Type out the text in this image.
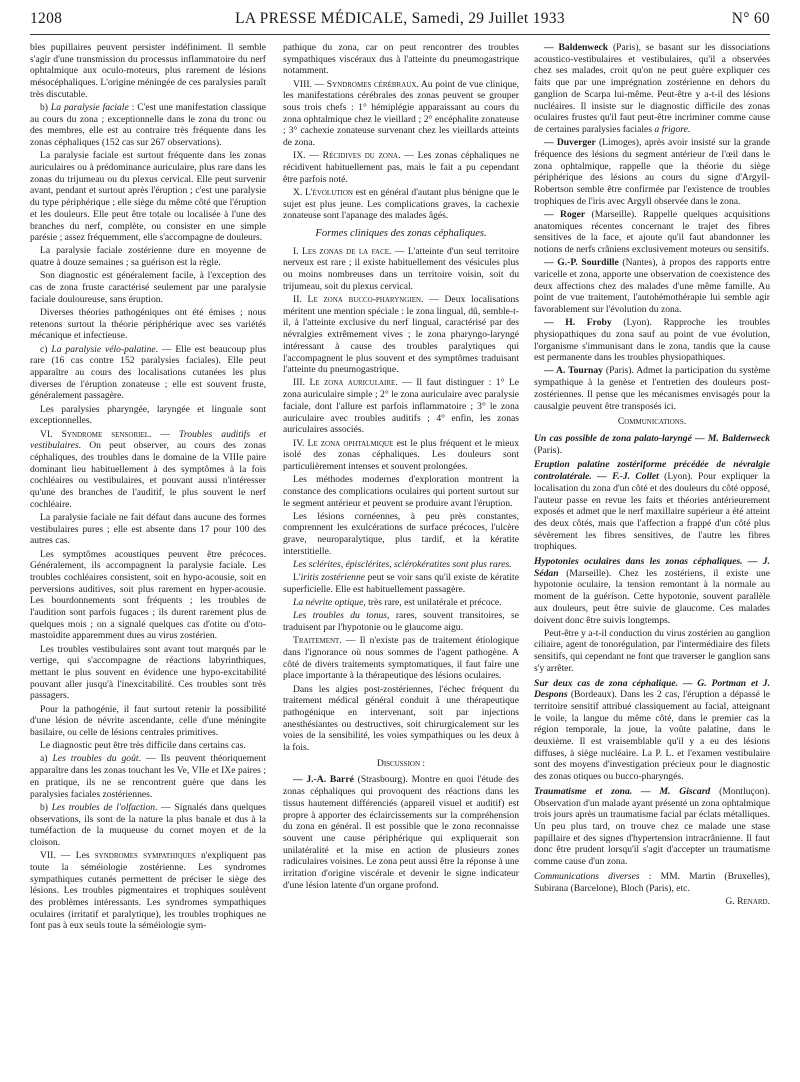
1208	LA PRESSE MÉDICALE, Samedi, 29 Juillet 1933	N° 60

bles pupillaires peuvent persister indéfiniment. Il semble s'agir d'une transmission du processus inflammatoire du nerf ophtalmique aux oculo-moteurs, plus rarement de lésions mésocéphaliques. L'origine méningée de ces paralysies paraît très discutable.

b) La paralysie faciale : C'est une manifestation classique au cours du zona ; exceptionnelle dans le zona du tronc ou des membres, elle est au contraire très fréquente dans les zonas céphaliques (152 cas sur 267 observations).

La paralysie faciale est surtout fréquente dans les zonas auriculaires ou à prédominance auriculaire, plus rare dans les zonas du trijumeau ou du plexus cervical. Elle peut survenir avant, pendant et surtout après l'éruption ; c'est une paralysie du type périphérique ; elle siège du même côté que l'éruption et les douleurs. Elle peut être totale ou localisée à l'une des branches du nerf, complète, ou consister en une simple parésie ; assez fréquemment, elle s'accompagne de douleurs.

La paralysie faciale zostérienne dure en moyenne de quatre à douze semaines ; sa guérison est la règle.

Son diagnostic est généralement facile, à l'exception des cas de zona fruste caractérisé seulement par une paralysie faciale douloureuse, sans éruption.

Diverses théories pathogéniques ont été émises ; nous retenons surtout la théorie périphérique avec ses variétés mécanique et infectieuse.

c) La paralysie vélo-palatine. — Elle est beaucoup plus rare (16 cas contre 152 paralysies faciales). Elle peut apparaître au cours des localisations cutanées les plus diverses de l'éruption zonateuse ; elle est souvent fruste, généralement passagère.

Les paralysies pharyngée, laryngée et linguale sont exceptionnelles.

VI. Syndrome sensoriel. — Troubles auditifs et vestibulaires. On peut observer, au cours des zonas céphaliques, des troubles dans le domaine de la VIIIe paire dominant lieu habituellement à des symptômes à la fois cochléaires ou vestibulaires, et pouvant aussi n'intéresser qu'une des branches de l'auditif, le plus souvent le nerf cochléaire.

La paralysie faciale ne fait défaut dans aucune des formes vestibulaires pures ; elle est absente dans 17 pour 100 des autres cas.

Les symptômes acoustiques peuvent être précoces. Généralement, ils accompagnent la paralysie faciale. Les troubles cochléaires consistent, soit en hypo-acousie, soit en perversions auditives, soit plus rarement en hyper-acousie. Les bourdonnements sont fréquents ; les troubles de l'audition sont parfois fugaces ; ils durent rarement plus de quelques mois ; on a signalé quelques cas d'otite ou d'oto-mastoïdite apparemment dues au virus zostérien.

Les troubles vestibulaires sont avant tout marqués par le vertige, qui s'accompagne de réactions labyrinthiques, mettant le plus souvent en évidence une hypo-excitabilité pouvant aller jusqu'à l'inexcitabilité. Ces troubles sont très passagers.

Pour la pathogénie, il faut surtout retenir la possibilité d'une lésion de névrite ascendante, celle d'une méningite basilaire, ou celle de lésions centrales primitives.

Le diagnostic peut être très difficile dans certains cas.

a) Les troubles du goût. — Ils peuvent théoriquement apparaître dans les zonas touchant les Ve, VIIe et IXe paires ; en pratique, ils ne se rencontrent guère que dans les paralysies faciales zostériennes.

b) Les troubles de l'olfaction. — Signalés dans quelques observations, ils sont de la nature la plus banale et dus à la tuméfaction de la muqueuse du cornet moyen et de la cloison.

VII. — Les syndromes sympathiques n'expliquent pas toute la séméiologie zostérienne. Les syndromes sympathiques cutanés permettent de préciser le siège des lésions. Les troubles pigmentaires et trophiques soulèvent des problèmes intéressants. Les syndromes sympathiques oculaires (irritatif et paralytique), les troubles trophiques ne font pas à eux seuls toute la séméiologie sym-

pathique du zona, car on peut rencontrer des troubles sympathiques viscéraux dus à l'atteinte du pneumogastrique notamment.

VIII. — Syndromes cérébraux. Au point de vue clinique, les manifestations cérébrales des zonas peuvent se grouper sous trois chefs : 1° hémiplégie apparaissant au cours du zona ophtalmique chez le vieillard ; 2° encéphalite zonateuse ; 3° cachexie zonateuse survenant chez les vieillards atteints de zona.

IX. — Récidives du zona. — Les zonas céphaliques ne récidivent habituellement pas, mais le fait a pu cependant être parfois noté.

X. L'évolution est en général d'autant plus bénigne que le sujet est plus jeune. Les complications graves, la cachexie zonateuse sont l'apanage des malades âgés.

Formes cliniques des zonas céphaliques.

I. Les zonas de la face. — L'atteinte d'un seul territoire nerveux est rare ; il existe habituellement des vésicules plus ou moins nombreuses dans un territoire voisin, soit du trijumeau, soit du plexus cervical.

II. Le zona bucco-pharyngien. — Deux localisations méritent une mention spéciale : le zona lingual, dû, semble-t-il, à l'atteinte exclusive du nerf lingual, caractérisé par des névralgies extrêmement vives ; le zona pharyngo-laryngé intéressant à cause des troubles paralytiques qui l'accompagnent le plus souvent et des symptômes traduisant l'atteinte du pneumogastrique.

III. Le zona auriculaire. — Il faut distinguer : 1° Le zona auriculaire simple ; 2° le zona auriculaire avec paralysie faciale, dont l'allure est parfois inflammatoire ; 3° le zona auriculaire avec troubles auditifs ; 4° enfin, les zonas auriculaires associés.

IV. Le zona ophtalmique est le plus fréquent et le mieux isolé des zonas céphaliques. Les douleurs sont particulièrement intenses et souvent prolongées.

Les méthodes modernes d'exploration montrent la constance des complications oculaires qui portent surtout sur le segment antérieur et peuvent se produire avant l'éruption.

Les lésions cornéennes, à peu près constantes, comprennent les exulcérations de surface précoces, l'ulcère grave, neuroparalytique, plus tardif, et la kératite interstitielle.

Les sclérites, épisclérites, sclérokératites sont plus rares.

L'iritis zostérienne peut se voir sans qu'il existe de kératite superficielle. Elle est habituellement passagère.

La névrite optique, très rare, est unilatérale et précoce.

Les troubles du tonus, rares, souvent transitoires, se traduisent par l'hypotonie ou le glaucome aigu.

Traitement. — Il n'existe pas de traitement étiologique dans l'ignorance où nous sommes de l'agent pathogène. A côté de divers traitements symptomatiques, il faut faire une place importante à la thérapeutique des lésions oculaires.

Dans les algies post-zostériennes, l'échec fréquent du traitement médical général conduit à une thérapeutique pathogénique en intervenant, soit par injections anesthésiantes ou destructives, soit chirurgicalement sur les voies de la sensibilité, les voies sympathiques ou les deux à la fois.

Discussion :

— J.-A. Barré (Strasbourg). Montre en quoi l'étude des zonas céphaliques qui provoquent des réactions dans les tissus hautement différenciés (appareil visuel et auditif) est propre à apporter des éclaircissements sur la compréhension du zona en général. Il est possible que le zona reconnaisse souvent une cause périphérique qui expliquerait son unilatéralité et la mise en action de plusieurs zones radiculaires voisines. Le zona peut aussi être la réponse à une irritation d'origine viscérale et devenir le signe indicateur d'une lésion latente d'un organe profond.

— Baldenweck (Paris), se basant sur les dissociations acoustico-vestibulaires et vestibulaires, qu'il a observées chez ses malades, croit qu'on ne peut guère expliquer ces faits que par une imprégnation zostérienne en dehors du ganglion de Scarpa lui-même. Peut-être y a-t-il des lésions nucléaires. Il insiste sur le diagnostic difficile des zonas oculaires frustes qu'il faut peut-être incriminer comme cause de certaines paralysies faciales a frigore.

— Duverger (Limoges), après avoir insisté sur la grande fréquence des lésions du segment antérieur de l'œil dans le zona ophtalmique, rappelle que la théorie du siège périphérique des lésions au cours du signe d'Argyll-Robertson semble être confirmée par l'existence de troubles trophiques de l'iris avec Argyll observée dans le zona.

— Roger (Marseille). Rappelle quelques acquisitions anatomiques récentes concernant le trajet des fibres sensitives de la face, et ajoute qu'il faut abandonner les notions de nerfs crâniens exclusivement moteurs ou sensitifs.

— G.-P. Sourdille (Nantes), à propos des rapports entre varicelle et zona, apporte une observation de coexistence des deux affections chez des malades d'une même famille. Au point de vue traitement, l'autohémothérapie lui semble agir favorablement sur l'évolution du zona.

— H. Froby (Lyon). Rapproche les troubles physiopathiques du zona sauf au point de vue évolution, l'organisme s'immunisant dans le zona, tandis que la cause est permanente dans les troubles physiopathiques.

— A. Tournay (Paris). Admet la participation du système sympathique à la genèse et l'entretien des douleurs post-zostériennes. Il pense que les mécanismes envisagés pour la causalgie peuvent être transposés ici.

Communications.

Un cas possible de zona palato-laryngé — M. Baldenweck (Paris).

Eruption palatine zostériforme précédée de névralgie controlatérale. — F.-J. Collet (Lyon). Pour expliquer la localisation du zona d'un côté et des douleurs du côté opposé, l'auteur passe en revue les faits et théories antérieurement exposés et admet que le nerf maxillaire supérieur a été atteint des deux côtés, mais que l'affection a frappé d'un côté plus sévèrement les fibres sensitives, de l'autre les fibres trophiques.

Hypotonies oculaires dans les zonas céphaliques. — J. Sédan (Marseille). Chez les zostériens, il existe une hypotonie oculaire, la tension remontant à la normale au moment de la guérison. Cette hypotonie, souvent parallèle aux douleurs, peut être suivie de glaucome. Ces malades doivent donc être suivis longtemps.

Peut-être y a-t-il conduction du virus zostérien au ganglion ciliaire, agent de tonorégulation, par l'intermédiaire des filets sensitifs, qui cependant ne font que traverser le ganglion sans s'y arrêter.

Sur deux cas de zona céphalique. — G. Portman et J. Despons (Bordeaux). Dans les 2 cas, l'éruption a dépassé le territoire sensitif attribué classiquement au facial, atteignant le voile, la langue du même côté, dans le premier cas la région temporale, la joue, la voûte palatine, dans le deuxième. Il est vraisemblable qu'il y a eu des lésions diffuses, à siège nucléaire. La P. L. et l'examen vestibulaire sont des moyens d'investigation précieux pour le diagnostic des zonas otiques ou bucco-pharyngés.

Traumatisme et zona. — M. Giscard (Montluçon). Observation d'un malade ayant présenté un zona ophtalmique trois jours après un traumatisme facial par éclats métalliques. Un peu plus tard, on trouve chez ce malade une stase papillaire et des signes d'hypertension intracrânienne. Il faut donc être prudent lorsqu'il s'agit d'accepter un traumatisme comme cause d'un zona.

Communications diverses : MM. Martin (Bruxelles), Subirana (Barcelone), Bloch (Paris), etc.

G. Renard.
